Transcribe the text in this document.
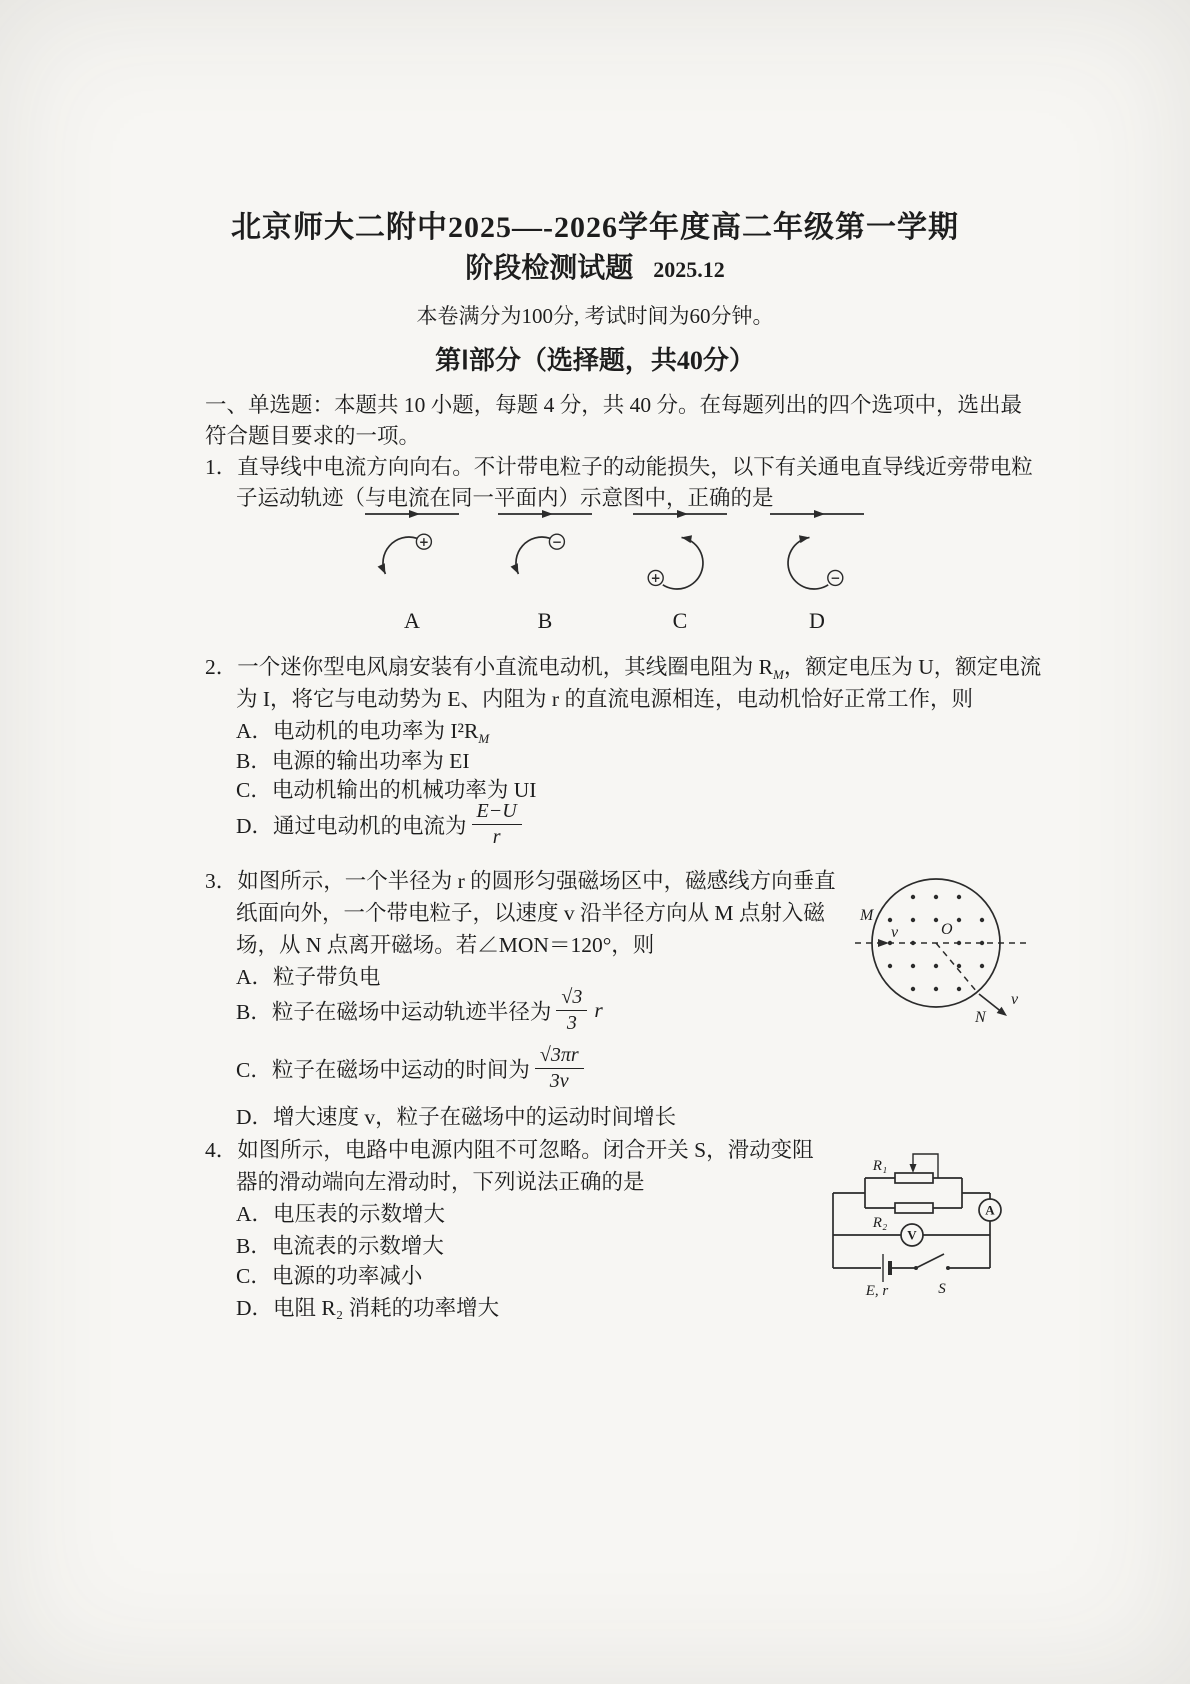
北京师大二附中2025—-2026学年度高二年级第一学期
阶段检测试题 2025.12
本卷满分为100分, 考试时间为60分钟。
第Ⅰ部分（选择题，共40分）
一、单选题：本题共 10 小题，每题 4 分，共 40 分。在每题列出的四个选项中，选出最
符合题目要求的一项。
1．直导线中电流方向向右。不计带电粒子的动能损失，以下有关通电直导线近旁带电粒
子运动轨迹（与电流在同一平面内）示意图中，正确的是
+
A
−
B
+
C
−
D
2．一个迷你型电风扇安装有小直流电动机，其线圈电阻为 $R_M$，额定电压为 U，额定电流
为 I，将它与电动势为 E、内阻为 r 的直流电源相连，电动机恰好正常工作，则
A．电动机的电功率为 $I^2R_M$
B．电源的输出功率为 EI
C．电动机输出的机械功率为 UI
D．通过电动机的电流为 $\frac{E-U}{r}$
3．如图所示，一个半径为 r 的圆形匀强磁场区中，磁感线方向垂直
纸面向外，一个带电粒子，以速度 v 沿半径方向从 M 点射入磁
场，从 N 点离开磁场。若∠MON＝120°，则
A．粒子带负电
B．粒子在磁场中运动轨迹半径为 $\frac{√3}{3}$ r
C．粒子在磁场中运动的时间为 $\frac{√3\pi r}{3v}$
D．增大速度 v，粒子在磁场中的运动时间增长
M
v	O
N
v
4．如图所示，电路中电源内阻不可忽略。闭合开关 S，滑动变阻
器的滑动端向左滑动时，下列说法正确的是
A．电压表的示数增大
B．电流表的示数增大
C．电源的功率减小
D．电阻 R₂ 消耗的功率增大
A
V
R₁
R₂
E, r	S
